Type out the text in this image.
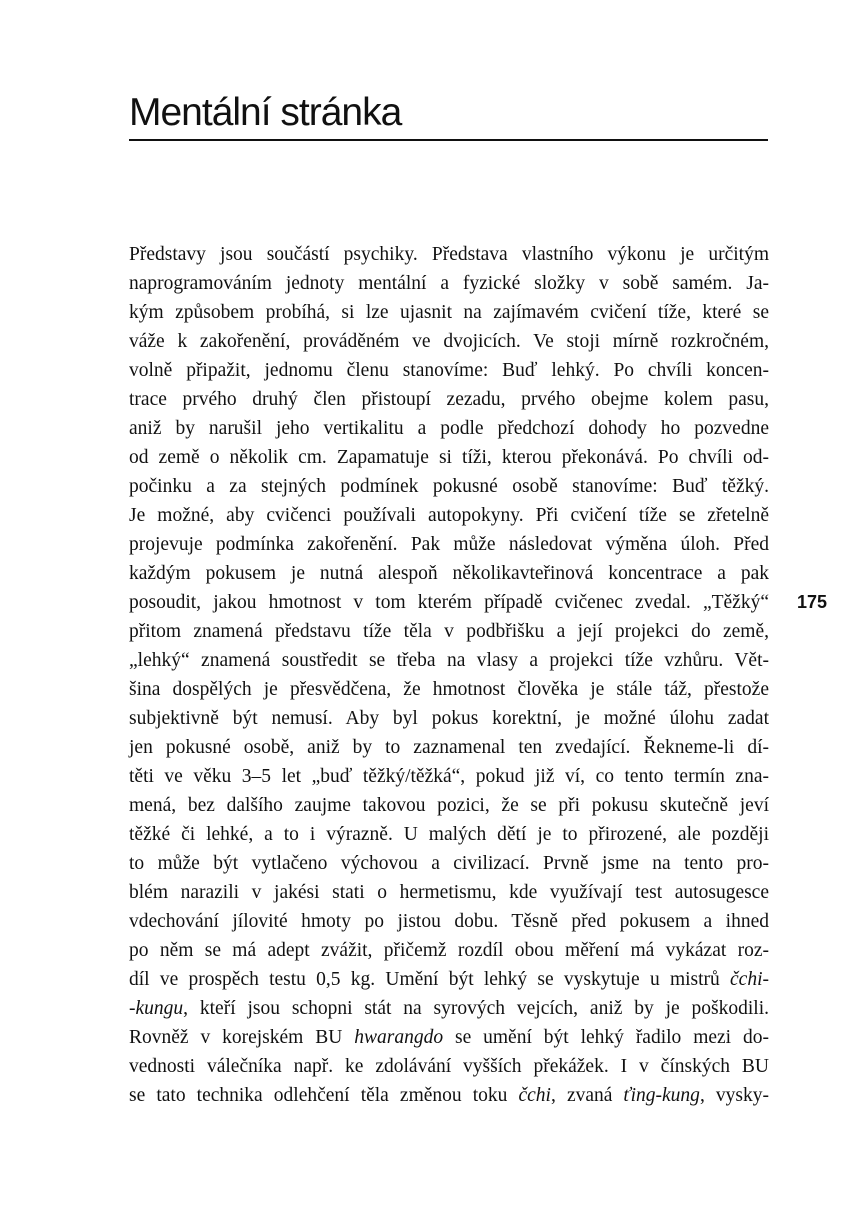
Mentální stránka
Představy jsou součástí psychiky. Představa vlastního výkonu je určitým
naprogramováním jednoty mentální a fyzické složky v sobě samém. Ja-
kým způsobem probíhá, si lze ujasnit na zajímavém cvičení tíže, které se
váže k zakořenění, prováděném ve dvojicích. Ve stoji mírně rozkročném,
volně připažit, jednomu členu stanovíme: Buď lehký. Po chvíli koncen-
trace prvého druhý člen přistoupí zezadu, prvého obejme kolem pasu,
aniž by narušil jeho vertikalitu a podle předchozí dohody ho pozvedne
od země o několik cm. Zapamatuje si tíži, kterou překonává. Po chvíli od-
počinku a za stejných podmínek pokusné osobě stanovíme: Buď těžký.
Je možné, aby cvičenci používali autopokyny. Při cvičení tíže se zřetelně
projevuje podmínka zakořenění. Pak může následovat výměna úloh. Před
každým pokusem je nutná alespoň několikavteřinová koncentrace a pak
posoudit, jakou hmotnost v tom kterém případě cvičenec zvedal. „Těžký“
přitom znamená představu tíže těla v podbřišku a její projekci do země,
„lehký“ znamená soustředit se třeba na vlasy a projekci tíže vzhůru. Vět-
šina dospělých je přesvědčena, že hmotnost člověka je stále táž, přestože
subjektivně být nemusí. Aby byl pokus korektní, je možné úlohu zadat
jen pokusné osobě, aniž by to zaznamenal ten zvedající. Řekneme-li dí-
těti ve věku 3–5 let „buď těžký/těžká“, pokud již ví, co tento termín zna-
mená, bez dalšího zaujme takovou pozici, že se při pokusu skutečně jeví
těžké či lehké, a to i výrazně. U malých dětí je to přirozené, ale později
to může být vytlačeno výchovou a civilizací. Prvně jsme na tento pro-
blém narazili v jakési stati o hermetismu, kde využívají test autosugesce
vdechování jílovité hmoty po jistou dobu. Těsně před pokusem a ihned
po něm se má adept zvážit, přičemž rozdíl obou měření má vykázat roz-
díl ve prospěch testu 0,5 kg. Umění být lehký se vyskytuje u mistrů čchi-
-kungu, kteří jsou schopni stát na syrových vejcích, aniž by je poškodili.
Rovněž v korejském BU hwarangdo se umění být lehký řadilo mezi do-
vednosti válečníka např. ke zdolávání vyšších překážek. I v čínských BU
se tato technika odlehčení těla změnou toku čchi, zvaná ťing-kung, vysky-
175
